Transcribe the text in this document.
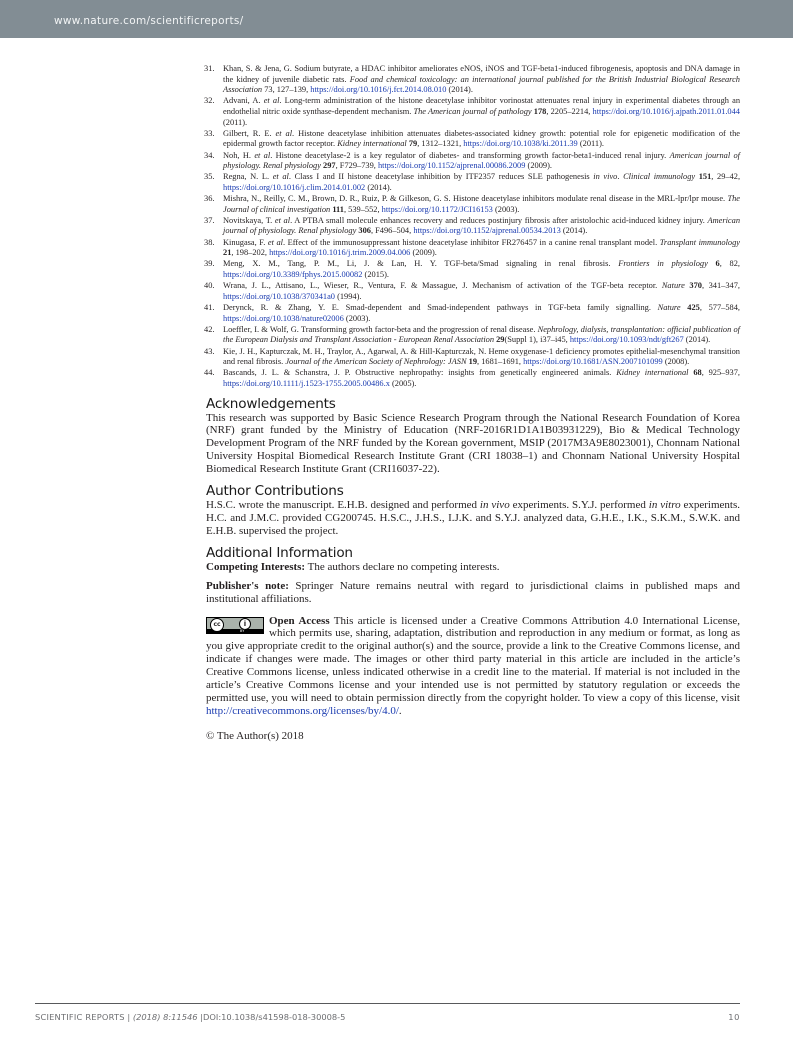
www.nature.com/scientificreports/
31. Khan, S. & Jena, G. Sodium butyrate, a HDAC inhibitor ameliorates eNOS, iNOS and TGF-beta1-induced fibrogenesis, apoptosis and DNA damage in the kidney of juvenile diabetic rats. Food and chemical toxicology: an international journal published for the British Industrial Biological Research Association 73, 127–139, https://doi.org/10.1016/j.fct.2014.08.010 (2014).
32. Advani, A. et al. Long-term administration of the histone deacetylase inhibitor vorinostat attenuates renal injury in experimental diabetes through an endothelial nitric oxide synthase-dependent mechanism. The American journal of pathology 178, 2205–2214, https://doi.org/10.1016/j.ajpath.2011.01.044 (2011).
33. Gilbert, R. E. et al. Histone deacetylase inhibition attenuates diabetes-associated kidney growth: potential role for epigenetic modification of the epidermal growth factor receptor. Kidney international 79, 1312–1321, https://doi.org/10.1038/ki.2011.39 (2011).
34. Noh, H. et al. Histone deacetylase-2 is a key regulator of diabetes- and transforming growth factor-beta1-induced renal injury. American journal of physiology. Renal physiology 297, F729–739, https://doi.org/10.1152/ajprenal.00086.2009 (2009).
35. Regna, N. L. et al. Class I and II histone deacetylase inhibition by ITF2357 reduces SLE pathogenesis in vivo. Clinical immunology 151, 29–42, https://doi.org/10.1016/j.clim.2014.01.002 (2014).
36. Mishra, N., Reilly, C. M., Brown, D. R., Ruiz, P. & Gilkeson, G. S. Histone deacetylase inhibitors modulate renal disease in the MRL-lpr/lpr mouse. The Journal of clinical investigation 111, 539–552, https://doi.org/10.1172/JCI16153 (2003).
37. Novitskaya, T. et al. A PTBA small molecule enhances recovery and reduces postinjury fibrosis after aristolochic acid-induced kidney injury. American journal of physiology. Renal physiology 306, F496–504, https://doi.org/10.1152/ajprenal.00534.2013 (2014).
38. Kinugasa, F. et al. Effect of the immunosuppressant histone deacetylase inhibitor FR276457 in a canine renal transplant model. Transplant immunology 21, 198–202, https://doi.org/10.1016/j.trim.2009.04.006 (2009).
39. Meng, X. M., Tang, P. M., Li, J. & Lan, H. Y. TGF-beta/Smad signaling in renal fibrosis. Frontiers in physiology 6, 82, https://doi.org/10.3389/fphys.2015.00082 (2015).
40. Wrana, J. L., Attisano, L., Wieser, R., Ventura, F. & Massague, J. Mechanism of activation of the TGF-beta receptor. Nature 370, 341–347, https://doi.org/10.1038/370341a0 (1994).
41. Derynck, R. & Zhang, Y. E. Smad-dependent and Smad-independent pathways in TGF-beta family signalling. Nature 425, 577–584, https://doi.org/10.1038/nature02006 (2003).
42. Loeffler, I. & Wolf, G. Transforming growth factor-beta and the progression of renal disease. Nephrology, dialysis, transplantation: official publication of the European Dialysis and Transplant Association - European Renal Association 29(Suppl 1), i37–i45, https://doi.org/10.1093/ndt/gft267 (2014).
43. Kie, J. H., Kapturczak, M. H., Traylor, A., Agarwal, A. & Hill-Kapturczak, N. Heme oxygenase-1 deficiency promotes epithelial-mesenchymal transition and renal fibrosis. Journal of the American Society of Nephrology: JASN 19, 1681–1691, https://doi.org/10.1681/ASN.2007101099 (2008).
44. Bascands, J. L. & Schanstra, J. P. Obstructive nephropathy: insights from genetically engineered animals. Kidney international 68, 925–937, https://doi.org/10.1111/j.1523-1755.2005.00486.x (2005).
Acknowledgements

This research was supported by Basic Science Research Program through the National Research Foundation of Korea (NRF) grant funded by the Ministry of Education (NRF-2016R1D1A1B03931229), Bio & Medical Technology Development Program of the NRF funded by the Korean government, MSIP (2017M3A9E8023001), Chonnam National University Hospital Biomedical Research Institute Grant (CRI 18038–1) and Chonnam National University Hospital Biomedical Research Institute Grant (CRI16037-22).

Author Contributions

H.S.C. wrote the manuscript. E.H.B. designed and performed in vivo experiments. S.Y.J. performed in vitro experiments. H.C. and J.M.C. provided CG200745. H.S.C., J.H.S., I.J.K. and S.Y.J. analyzed data, G.H.E., I.K., S.K.M., S.W.K. and E.H.B. supervised the project.

Additional Information

Competing Interests: The authors declare no competing interests.

Publisher's note: Springer Nature remains neutral with regard to jurisdictional claims in published maps and institutional affiliations.

cc	i
BY

Open Access This article is licensed under a Creative Commons Attribution 4.0 International License, which permits use, sharing, adaptation, distribution and reproduction in any medium or format, as long as you give appropriate credit to the original author(s) and the source, provide a link to the Creative Commons license, and indicate if changes were made. The images or other third party material in this article are included in the article’s Creative Commons license, unless indicated otherwise in a credit line to the material. If material is not included in the article’s Creative Commons license and your intended use is not permitted by statutory regulation or exceeds the permitted use, you will need to obtain permission directly from the copyright holder. To view a copy of this license, visit http://creativecommons.org/licenses/by/4.0/.

© The Author(s) 2018

SCIENTIFIC REPORTS | (2018) 8:11546 |DOI:10.1038/s41598-018-30008-5	10
